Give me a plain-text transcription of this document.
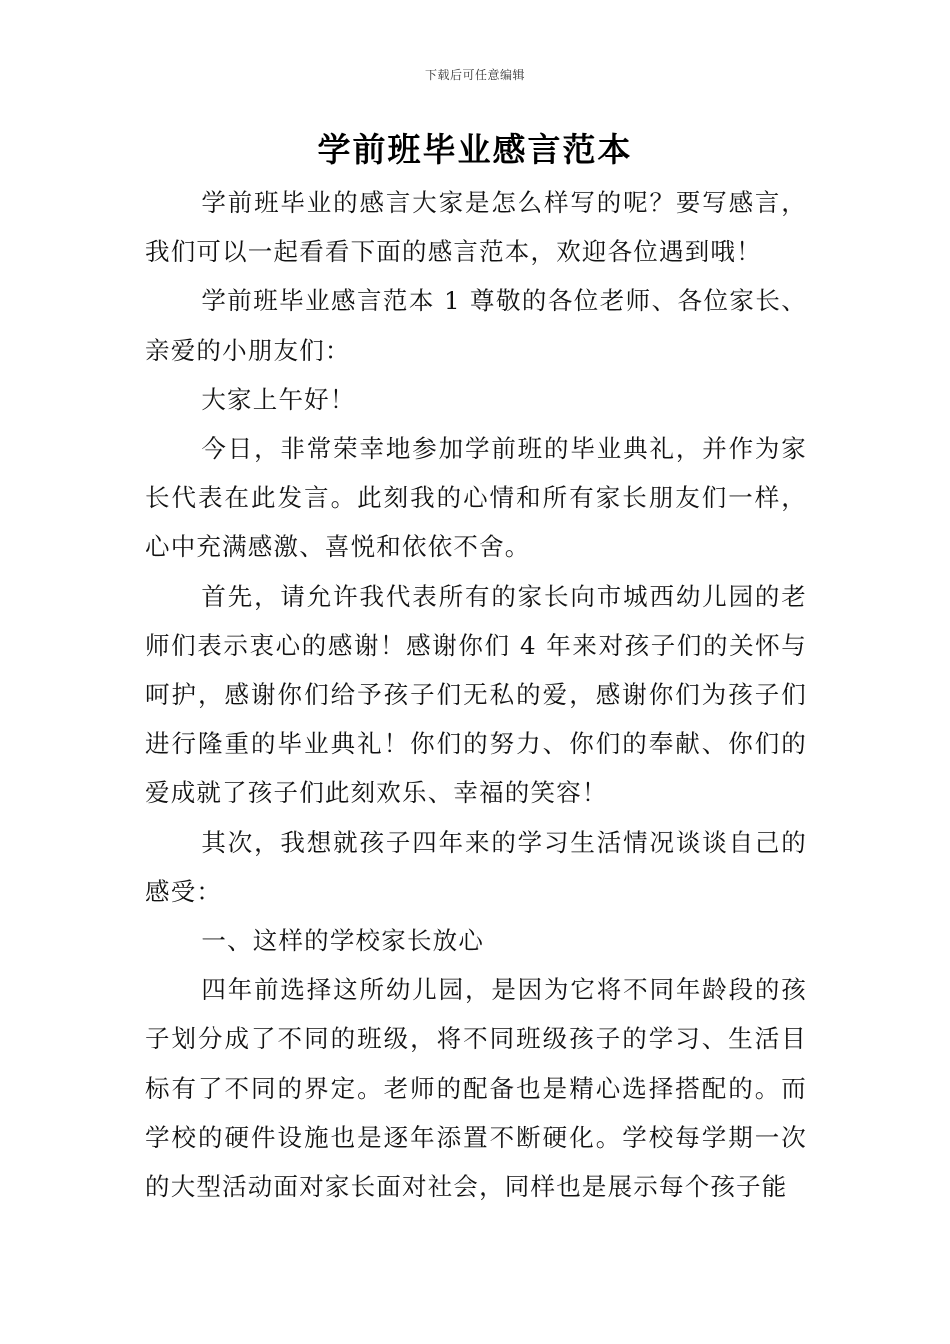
下载后可任意编辑
学前班毕业感言范本

学前班毕业的感言大家是怎么样写的呢？要写感言，我们可以一起看看下面的感言范本，欢迎各位遇到哦！

学前班毕业感言范本 1 尊敬的各位老师、各位家长、亲爱的小朋友们：

大家上午好！

今日，非常荣幸地参加学前班的毕业典礼，并作为家长代表在此发言。此刻我的心情和所有家长朋友们一样，心中充满感激、喜悦和依依不舍。

首先，请允许我代表所有的家长向市城西幼儿园的老师们表示衷心的感谢！感谢你们 4 年来对孩子们的关怀与呵护，感谢你们给予孩子们无私的爱，感谢你们为孩子们进行隆重的毕业典礼！你们的努力、你们的奉献、你们的爱成就了孩子们此刻欢乐、幸福的笑容！

其次，我想就孩子四年来的学习生活情况谈谈自己的感受：

一、这样的学校家长放心

四年前选择这所幼儿园，是因为它将不同年龄段的孩子划分成了不同的班级，将不同班级孩子的学习、生活目标有了不同的界定。老师的配备也是精心选择搭配的。而学校的硬件设施也是逐年添置不断硬化。学校每学期一次的大型活动面对家长面对社会，同样也是展示每个孩子能
